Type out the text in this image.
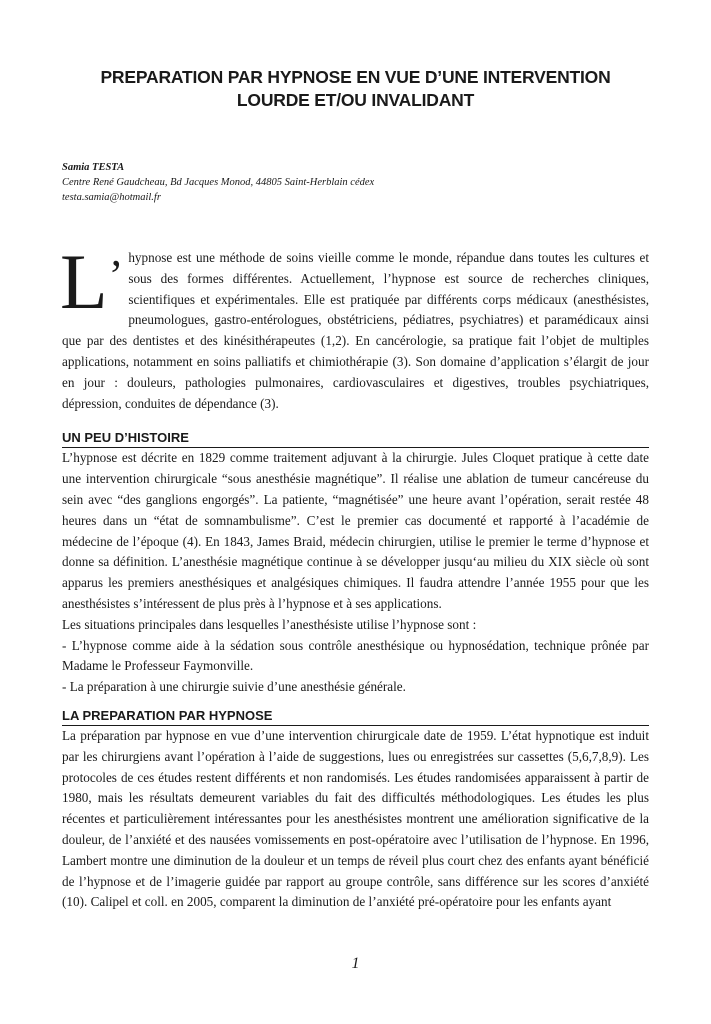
PREPARATION PAR HYPNOSE EN VUE D’UNE INTERVENTION
LOURDE ET/OU INVALIDANT
Samia TESTA
Centre René Gaudcheau, Bd Jacques Monod, 44805 Saint-Herblain cédex
testa.samia@hotmail.fr
L’ hypnose est une méthode de soins vieille comme le monde, répandue dans toutes les cultures et sous des formes différentes. Actuellement, l’hypnose est source de recherches cliniques, scientifiques et expérimentales. Elle est pratiquée par différents corps médicaux (anesthésistes, pneumologues, gastro-entérologues, obstétriciens, pédiatres, psychiatres) et paramédicaux ainsi que par des dentistes et des kinésithérapeutes (1,2). En cancérologie, sa pratique fait l’objet de multiples applications, notamment en soins palliatifs et chimiothérapie (3). Son domaine d’application s’élargit de jour en jour : douleurs, pathologies pulmonaires, cardiovasculaires et digestives, troubles psychiatriques, dépression, conduites de dépendance (3).
UN PEU D’HISTOIRE

L’hypnose est décrite en 1829 comme traitement adjuvant à la chirurgie. Jules Cloquet pratique à cette date une intervention chirurgicale “sous anesthésie magnétique”. Il réalise une ablation de tumeur cancéreuse du sein avec “des ganglions engorgés”. La patiente, “magnétisée” une heure avant l’opération, serait restée 48 heures dans un “état de somnambulisme”. C’est le premier cas documenté et rapporté à l’académie de médecine de l’époque (4). En 1843, James Braid, médecin chirurgien, utilise le premier le terme d’hypnose et donne sa définition. L’anesthésie magnétique continue à se développer jusqu‘au milieu du XIX siècle où sont apparus les premiers anesthésiques et analgésiques chimiques. Il faudra attendre l’année 1955 pour que les anesthésistes s’intéressent de plus près à l’hypnose et à ses applications.

Les situations principales dans lesquelles l’anesthésiste utilise l’hypnose sont :

- L’hypnose comme aide à la sédation sous contrôle anesthésique ou hypnosédation, technique prônée par Madame le Professeur Faymonville.

- La préparation à une chirurgie suivie d’une anesthésie générale.

LA PREPARATION PAR HYPNOSE

La préparation par hypnose en vue d’une intervention chirurgicale date de 1959. L’état hypnotique est induit par les chirurgiens avant l’opération à l’aide de suggestions, lues ou enregistrées sur cassettes (5,6,7,8,9). Les protocoles de ces études restent différents et non randomisés. Les études randomisées apparaissent à partir de 1980, mais les résultats demeurent variables du fait des difficultés méthodologiques. Les études les plus récentes et particulièrement intéressantes pour les anesthésistes montrent une amélioration significative de la douleur, de l’anxiété et des nausées vomissements en post-opératoire avec l’utilisation de l’hypnose. En 1996, Lambert montre une diminution de la douleur et un temps de réveil plus court chez des enfants ayant bénéficié de l’hypnose et de l’imagerie guidée par rapport au groupe contrôle, sans différence sur les scores d’anxiété (10). Calipel et coll. en 2005, comparent la diminution de l’anxiété pré-opératoire pour les enfants ayant

1
